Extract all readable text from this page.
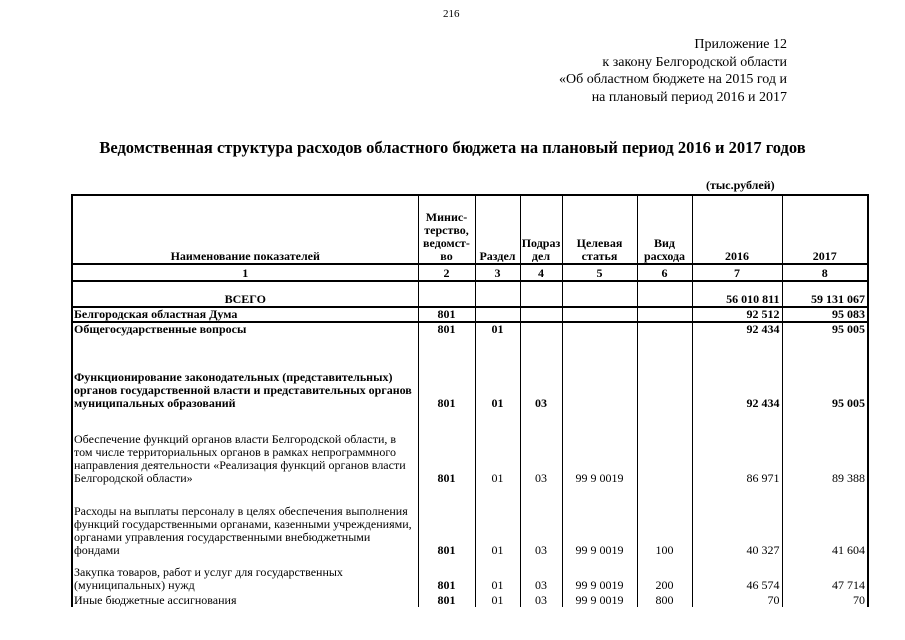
216
Приложение 12
к закону Белгородской области
«Об областном бюджете на 2015 год и
на плановый период 2016 и 2017
Ведомственная структура расходов областного бюджета на плановый период 2016 и 2017 годов
(тыс.рублей)
Наименование показателей	Минис-терство, ведомст-во	Раздел	Подраз дел	Целевая статья	Вид расхода	2016	2017
1	2	3	4	5	6	7	8
ВСЕГО						56 010 811	59 131 067
Белгородская областная Дума	801					92 512	95 083
Общегосударственные вопросы	801	01				92 434	95 005
Функционирование законодательных (представительных) органов государственной власти и представительных органов муниципальных образований	801	01	03			92 434	95 005
Обеспечение функций органов власти Белгородской области, в том числе территориальных органов в рамках непрограммного направления деятельности «Реализация функций органов власти Белгородской области»	801	01	03	99 9 0019		86 971	89 388
Расходы на выплаты персоналу в целях обеспечения выполнения функций государственными органами, казенными учреждениями, органами управления государственными внебюджетными фондами	801	01	03	99 9 0019	100	40 327	41 604
Закупка товаров, работ и услуг для государственных (муниципальных) нужд	801	01	03	99 9 0019	200	46 574	47 714
Иные бюджетные ассигнования	801	01	03	99 9 0019	800	70	70
